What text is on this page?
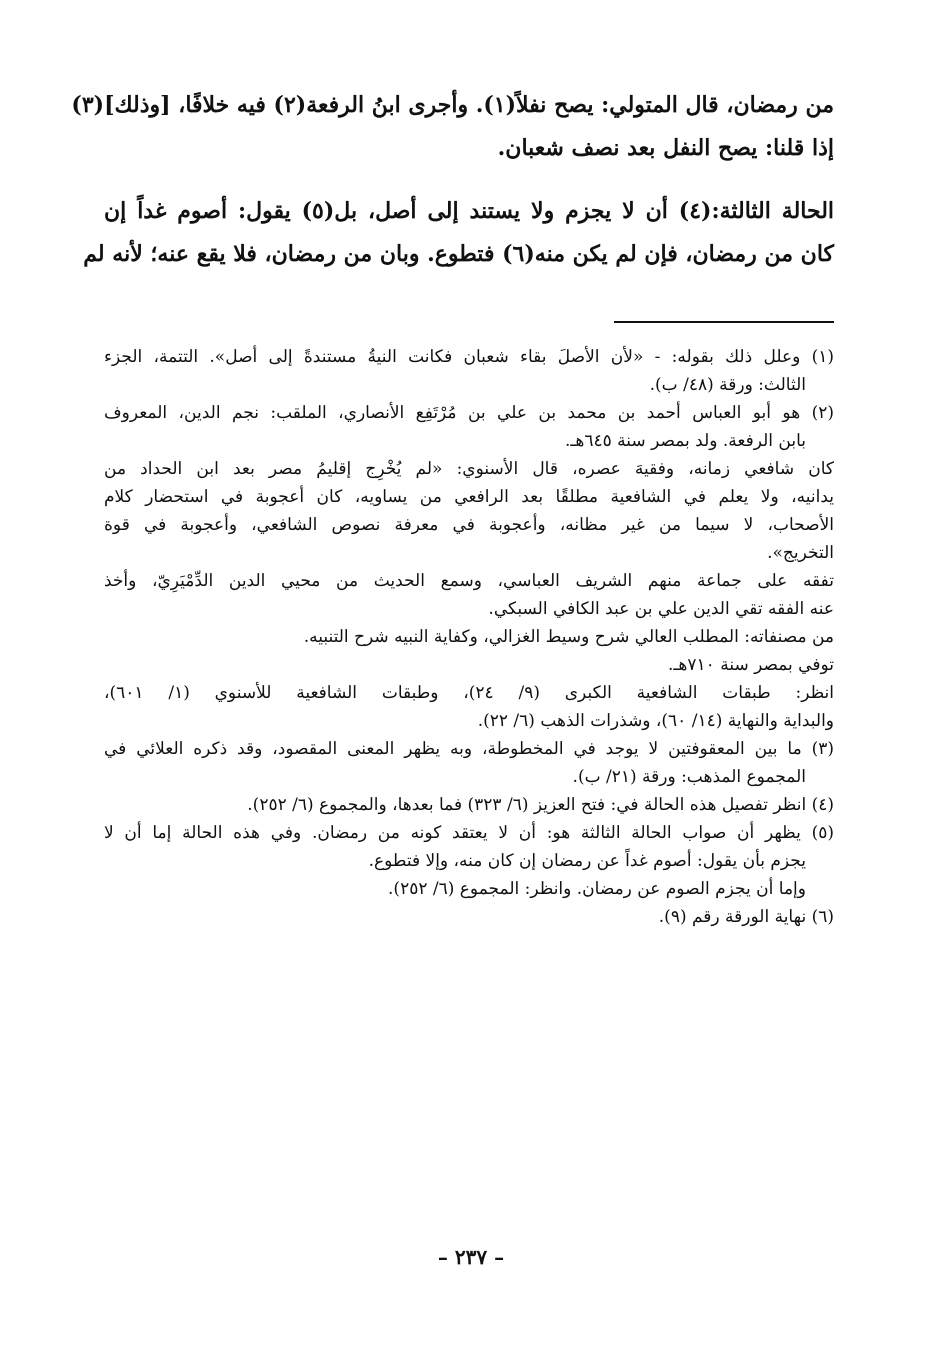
من رمضان، قال المتولي: يصح نفلاً(١). وأجرى ابنُ الرفعة(٢) فيه خلافًا، [وذلك](٣)
إذا قلنا: يصح النفل بعد نصف شعبان.
الحالة الثالثة:(٤) أن لا يجزم ولا يستند إلى أصل، بل(٥) يقول: أصوم غداً إن
كان من رمضان، فإن لم يكن منه(٦) فتطوع. وبان من رمضان، فلا يقع عنه؛ لأنه لم
(١) وعلل ذلك بقوله: - «لأن الأصلَ بقاء شعبان فكانت النيةُ مستندةً إلى أصل». التتمة، الجزء
الثالث: ورقة (٤٨/ ب).
(٢) هو أبو العباس أحمد بن محمد بن علي بن مُرْتَفِع الأنصاري، الملقب: نجم الدين، المعروف
بابن الرفعة. ولد بمصر سنة ٦٤٥هـ.
كان شافعي زمانه، وفقيهَ عصره، قال الأسنوي: «لم يُخْرِج إقليمُ مصر بعد ابن الحداد من
يدانيه، ولا يعلم في الشافعية مطلقًا بعد الرافعي من يساويه، كان أعجوبة في استحضار كلام
الأصحاب، لا سيما من غير مظانه، وأعجوبة في معرفة نصوص الشافعي، وأعجوبة في قوة
التخريج».
تفقه على جماعة منهم الشريف العباسي، وسمع الحديث من محيي الدين الدِّمْيَرِيّ، وأخذ
عنه الفقه تقي الدين علي بن عبد الكافي السبكي.
من مصنفاته: المطلب العالي شرح وسيط الغزالي، وكفاية النبيه شرح التنبيه.
توفي بمصر سنة ٧١٠هـ.
انظر: طبقات الشافعية الكبرى (٩/ ٢٤)، وطبقات الشافعية للأسنوي (١/ ٦٠١)،
والبداية والنهاية (١٤/ ٦٠)، وشذرات الذهب (٦/ ٢٢).
(٣) ما بين المعقوفتين لا يوجد في المخطوطة، وبه يظهر المعنى المقصود، وقد ذكره العلائي في
المجموع المذهب: ورقة (٢١/ ب).
(٤) انظر تفصيل هذه الحالة في: فتح العزيز (٦/ ٣٢٣) فما بعدها، والمجموع (٦/ ٢٥٢).
(٥) يظهر أن صواب الحالة الثالثة هو: أن لا يعتقد كونه من رمضان. وفي هذه الحالة إما أن لا
يجزم بأن يقول: أصوم غداً عن رمضان إن كان منه، وإلا فتطوع.
وإما أن يجزم الصوم عن رمضان. وانظر: المجموع (٦/ ٢٥٢).
(٦) نهاية الورقة رقم (٩).
– ٢٣٧ –
